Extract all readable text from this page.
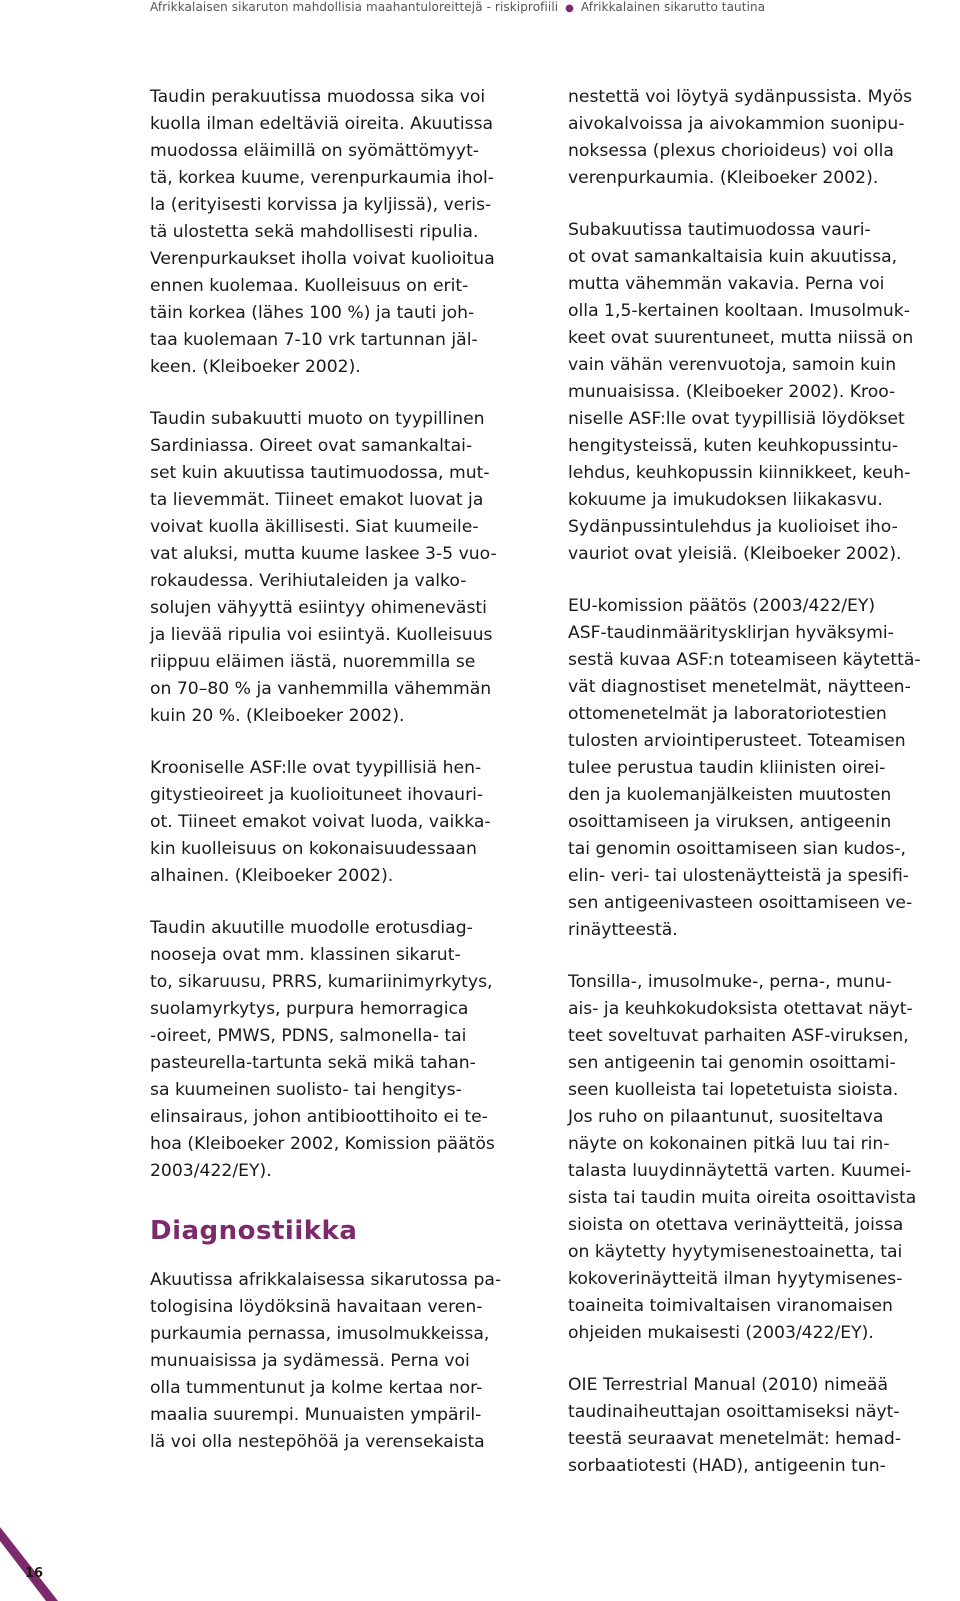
Afrikkalaisen sikaruton mahdollisia maahantuloreittejä - riskiprofiili ● Afrikkalainen sikarutto tautina

Taudin perakuutissa muodossa sika voi
kuolla ilman edeltäviä oireita. Akuutissa
muodossa eläimillä on syömättömyyt-
tä, korkea kuume, verenpurkaumia ihol-
la (erityisesti korvissa ja kyljissä), veris-
tä ulostetta sekä mahdollisesti ripulia.
Verenpurkaukset iholla voivat kuolioitua
ennen kuolemaa. Kuolleisuus on erit-
täin korkea (lähes 100 %) ja tauti joh-
taa kuolemaan 7-10 vrk tartunnan jäl-
keen. (Kleiboeker 2002).

Taudin subakuutti muoto on tyypillinen
Sardiniassa. Oireet ovat samankaltai-
set kuin akuutissa tautimuodossa, mut-
ta lievemmät. Tiineet emakot luovat ja
voivat kuolla äkillisesti. Siat kuumeile-
vat aluksi, mutta kuume laskee 3-5 vuo-
rokaudessa. Verihiutaleiden ja valko-
solujen vähyyttä esiintyy ohimenevästi
ja lievää ripulia voi esiintyä. Kuolleisuus
riippuu eläimen iästä, nuoremmilla se
on 70–80 % ja vanhemmilla vähemmän
kuin 20 %. (Kleiboeker 2002).

Krooniselle ASF:lle ovat tyypillisiä hen-
gitystieoireet ja kuolioituneet ihovauri-
ot. Tiineet emakot voivat luoda, vaikka-
kin kuolleisuus on kokonaisuudessaan
alhainen. (Kleiboeker 2002).

Taudin akuutille muodolle erotusdiag-
nooseja ovat mm. klassinen sikarut-
to, sikaruusu, PRRS, kumariinimyrkytys,
suolamyrkytys, purpura hemorragica
-oireet, PMWS, PDNS, salmonella- tai
pasteurella-tartunta sekä mikä tahan-
sa kuumeinen suolisto- tai hengitys-
elinsairaus, johon antibioottihoito ei te-
hoa (Kleiboeker 2002, Komission päätös
2003/422/EY).

Diagnostiikka

Akuutissa afrikkalaisessa sikarutossa pa-
tologisina löydöksinä havaitaan veren-
purkaumia pernassa, imusolmukkeissa,
munuaisissa ja sydämessä. Perna voi
olla tummentunut ja kolme kertaa nor-
maalia suurempi. Munuaisten ympäril-
lä voi olla nestepöhöä ja verensekaista

nestettä voi löytyä sydänpussista. Myös
aivokalvoissa ja aivokammion suonipu-
noksessa (plexus chorioideus) voi olla
verenpurkaumia. (Kleiboeker 2002).

Subakuutissa tautimuodossa vauri-
ot ovat samankaltaisia kuin akuutissa,
mutta vähemmän vakavia. Perna voi
olla 1,5-kertainen kooltaan. Imusolmuk-
keet ovat suurentuneet, mutta niissä on
vain vähän verenvuotoja, samoin kuin
munuaisissa. (Kleiboeker 2002). Kroo-
niselle ASF:lle ovat tyypillisiä löydökset
hengitysteissä, kuten keuhkopussintu-
lehdus, keuhkopussin kiinnikkeet, keuh-
kokuume ja imukudoksen liikakasvu.
Sydänpussintulehdus ja kuolioiset iho-
vauriot ovat yleisiä. (Kleiboeker 2002).

EU-komission päätös (2003/422/EY)
ASF-taudinmääritysklirjan hyväksymi-
sestä kuvaa ASF:n toteamiseen käytettä-
vät diagnostiset menetelmät, näytteen-
ottomenetelmät ja laboratoriotestien
tulosten arviointiperusteet. Toteamisen
tulee perustua taudin kliinisten oirei-
den ja kuolemanjälkeisten muutosten
osoittamiseen ja viruksen, antigeenin
tai genomin osoittamiseen sian kudos-,
elin- veri- tai ulostenäytteistä ja spesifi-
sen antigeenivasteen osoittamiseen ve-
rinäytteestä.

Tonsilla-, imusolmuke-, perna-, munu-
ais- ja keuhkokudoksista otettavat näyt-
teet soveltuvat parhaiten ASF-viruksen,
sen antigeenin tai genomin osoittami-
seen kuolleista tai lopetetuista sioista.
Jos ruho on pilaantunut, suositeltava
näyte on kokonainen pitkä luu tai rin-
talasta luuydinnäytettä varten. Kuumei-
sista tai taudin muita oireita osoittavista
sioista on otettava verinäytteitä, joissa
on käytetty hyytymisenestoainetta, tai
kokoverinäytteitä ilman hyytymisenes-
toaineita toimivaltaisen viranomaisen
ohjeiden mukaisesti (2003/422/EY).

OIE Terrestrial Manual (2010) nimeää
taudinaiheuttajan osoittamiseksi näyt-
teestä seuraavat menetelmät: hemad-
sorbaatiotesti (HAD), antigeenin tun-

16
